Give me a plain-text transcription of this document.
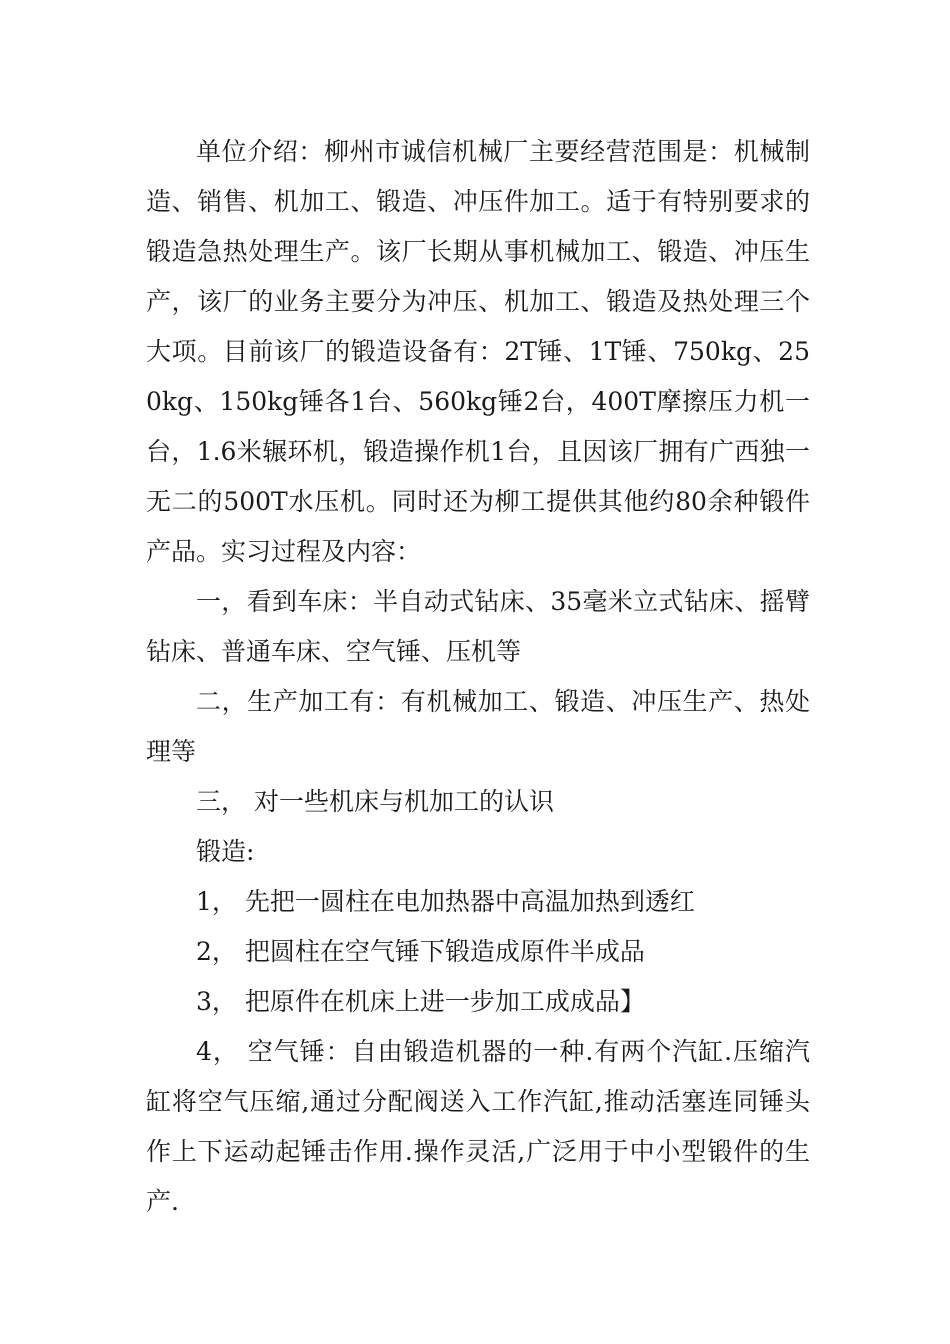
单位介绍：柳州市诚信机械厂主要经营范围是：机械制造、销售、机加工、锻造、冲压件加工。适于有特别要求的锻造急热处理生产。该厂长期从事机械加工、锻造、冲压生产，该厂的业务主要分为冲压、机加工、锻造及热处理三个大项。目前该厂的锻造设备有：2T锤、1T锤、750kg、250kg、150kg锤各1台、560kg锤2台，400T摩擦压力机一台，1.6米辗环机，锻造操作机1台，且因该厂拥有广西独一无二的500T水压机。同时还为柳工提供其他约80余种锻件产品。实习过程及内容：

一，看到车床：半自动式钻床、35毫米立式钻床、摇臂钻床、普通车床、空气锤、压机等

二，生产加工有：有机械加工、锻造、冲压生产、热处理等

三， 对一些机床与机加工的认识

锻造:

1， 先把一圆柱在电加热器中高温加热到透红

2， 把圆柱在空气锤下锻造成原件半成品

3， 把原件在机床上进一步加工成成品】

4， 空气锤：自由锻造机器的一种.有两个汽缸.压缩汽缸将空气压缩,通过分配阀送入工作汽缸,推动活塞连同锤头作上下运动起锤击作用.操作灵活,广泛用于中小型锻件的生产.
